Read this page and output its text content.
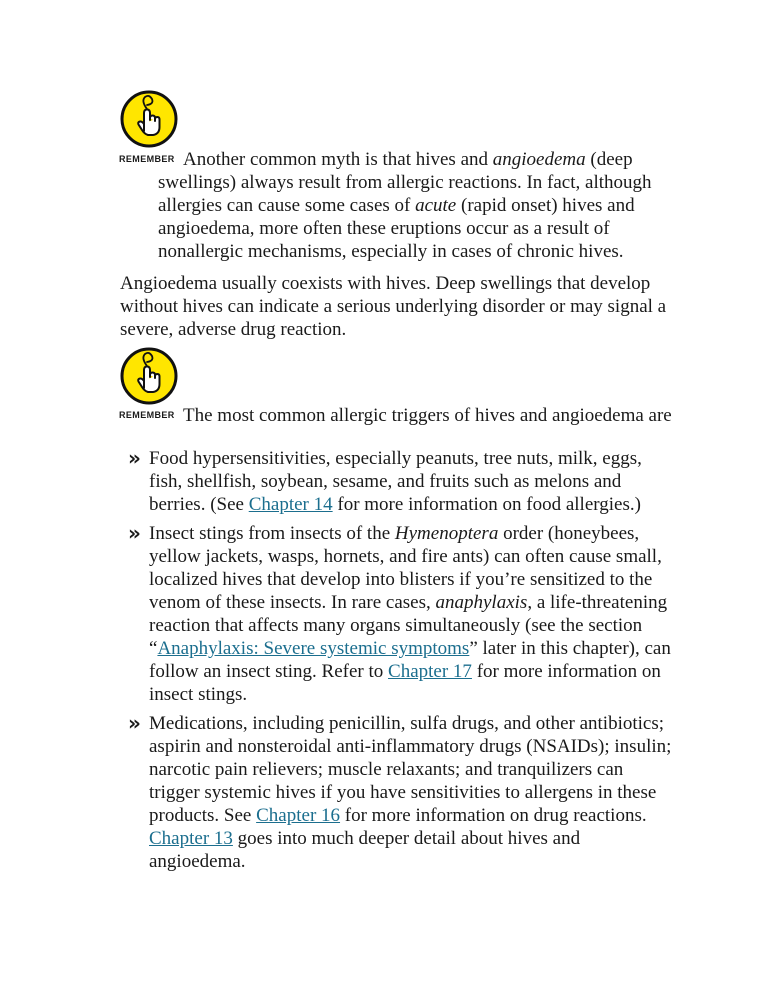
REMEMBER Another common myth is that hives and angioedema (deep

swellings) always result from allergic reactions. In fact, although

allergies can cause some cases of acute (rapid onset) hives and

angioedema, more often these eruptions occur as a result of

nonallergic mechanisms, especially in cases of chronic hives.

Angioedema usually coexists with hives. Deep swellings that develop

without hives can indicate a serious underlying disorder or may signal a

severe, adverse drug reaction.

REMEMBER The most common allergic triggers of hives and angioedema are

» Food hypersensitivities, especially peanuts, tree nuts, milk, eggs,

fish, shellfish, soybean, sesame, and fruits such as melons and

berries. (See Chapter 14 for more information on food allergies.)

» Insect stings from insects of the Hymenoptera order (honeybees,

yellow jackets, wasps, hornets, and fire ants) can often cause small,

localized hives that develop into blisters if you’re sensitized to the

venom of these insects. In rare cases, anaphylaxis, a life-threatening

reaction that affects many organs simultaneously (see the section

“Anaphylaxis: Severe systemic symptoms” later in this chapter), can

follow an insect sting. Refer to Chapter 17 for more information on

insect stings.

» Medications, including penicillin, sulfa drugs, and other antibiotics;

aspirin and nonsteroidal anti-inflammatory drugs (NSAIDs); insulin;

narcotic pain relievers; muscle relaxants; and tranquilizers can

trigger systemic hives if you have sensitivities to allergens in these

products. See Chapter 16 for more information on drug reactions.

Chapter 13 goes into much deeper detail about hives and

angioedema.
